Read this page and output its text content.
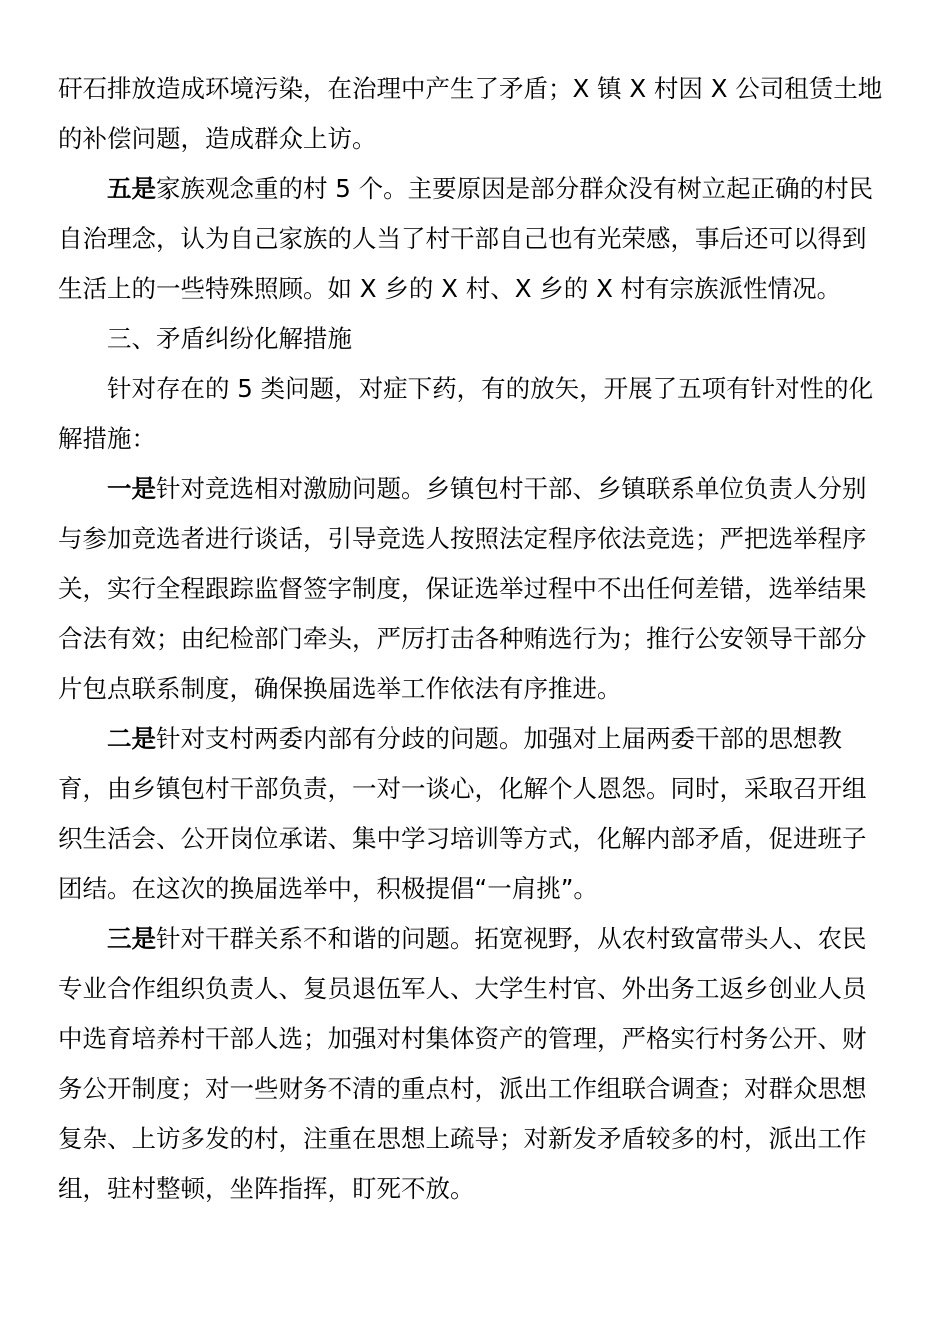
矸石排放造成环境污染，在治理中产生了矛盾；X 镇 X 村因 X 公司租赁土地
的补偿问题，造成群众上访。
五是家族观念重的村 5 个。主要原因是部分群众没有树立起正确的村民
自治理念，认为自己家族的人当了村干部自己也有光荣感，事后还可以得到
生活上的一些特殊照顾。如 X 乡的 X 村、X 乡的 X 村有宗族派性情况。
三、矛盾纠纷化解措施
针对存在的 5 类问题，对症下药，有的放矢，开展了五项有针对性的化
解措施：
一是针对竞选相对激励问题。乡镇包村干部、乡镇联系单位负责人分别
与参加竞选者进行谈话，引导竞选人按照法定程序依法竞选；严把选举程序
关，实行全程跟踪监督签字制度，保证选举过程中不出任何差错，选举结果
合法有效；由纪检部门牵头，严厉打击各种贿选行为；推行公安领导干部分
片包点联系制度，确保换届选举工作依法有序推进。
二是针对支村两委内部有分歧的问题。加强对上届两委干部的思想教
育，由乡镇包村干部负责，一对一谈心，化解个人恩怨。同时，采取召开组
织生活会、公开岗位承诺、集中学习培训等方式，化解内部矛盾，促进班子
团结。在这次的换届选举中，积极提倡“一肩挑”。
三是针对干群关系不和谐的问题。拓宽视野，从农村致富带头人、农民
专业合作组织负责人、复员退伍军人、大学生村官、外出务工返乡创业人员
中选育培养村干部人选；加强对村集体资产的管理，严格实行村务公开、财
务公开制度；对一些财务不清的重点村，派出工作组联合调查；对群众思想
复杂、上访多发的村，注重在思想上疏导；对新发矛盾较多的村，派出工作
组，驻村整顿，坐阵指挥，盯死不放。
